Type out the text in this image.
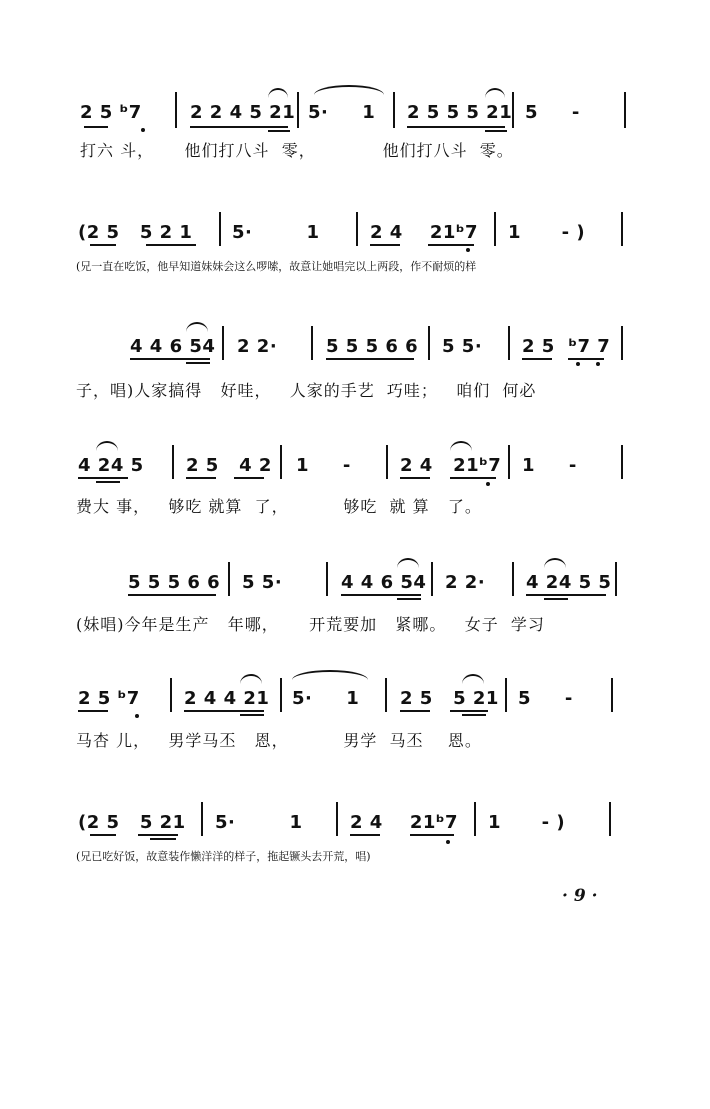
2 5 ᵇ7	2 2 4 5 21 5·     1 2 5 5 5 21 5     -
打六 斗，     他们打八斗  零，           他们打八斗  零。
(2 5   5 2 1 5·        1	2 4    21ᵇ7 1      - )
(兄一直在吃饭，他早知道妹妹会这么啰嗦，故意让她唱完以上两段，作不耐烦的样
4 4 6 54 2 2·	5 5 5 6 6 5 5· 2 5  ᵇ7 7
子，唱)人家搞得   好哇，   人家的手艺  巧哇；   咱们  何必
4 24 5 2 5   4 2 1     -	2 4   21ᵇ7 1     -
费大 事，   够吃 就算  了，         够吃  就 算   了。
5 5 5 6 6 5 5·	4 4 6 54 2 2· 4 24 5 5
(妹唱)今年是生产   年哪，     开荒要加   紧哪。   女子  学习
2 5 ᵇ7 2 4 4 21 5·     1 2 5   5 21 5     -
马杏 儿，   男学马丕   恩，         男学  马丕    恩。
(2 5   5 21 5·        1	2 4    21ᵇ7 1      - )
(兄已吃好饭，故意装作懒洋洋的样子，拖起镢头去开荒，唱)
· 9 ·
